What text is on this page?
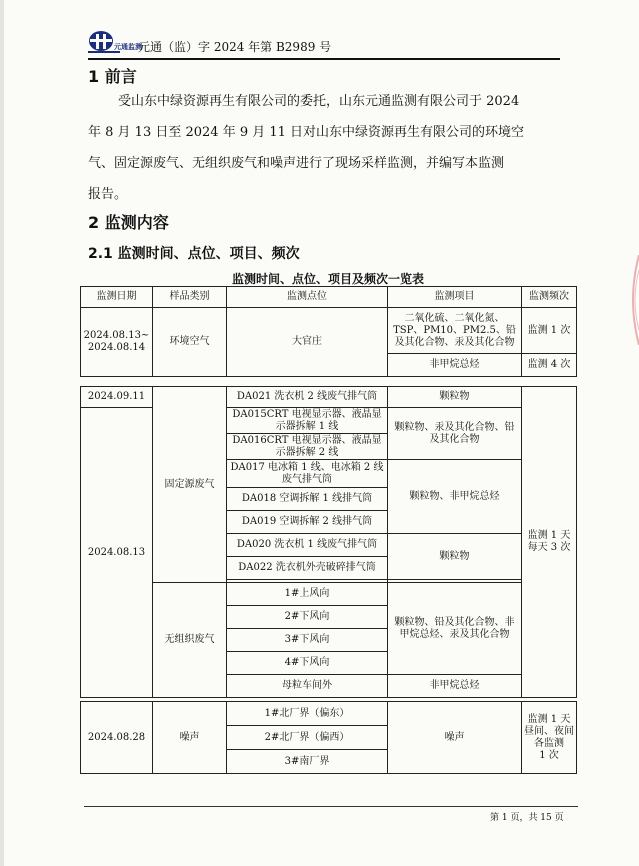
元通监测
元通（监）字 2024 年第 B2989 号
1 前言
受山东中绿资源再生有限公司的委托，山东元通监测有限公司于 2024
年 8 月 13 日至 2024 年 9 月 11 日对山东中绿资源再生有限公司的环境空
气、固定源废气、无组织废气和噪声进行了现场采样监测，并编写本监测
报告。
2 监测内容
2.1 监测时间、点位、项目、频次
监测时间、点位、项目及频次一览表
监测日期	样品类别	监测点位	监测项目	监测频次
2024.08.13~
2024.08.14	环境空气	大官庄	二氧化硫、二氧化氮、TSP、PM10、PM2.5、铅及其化合物、汞及其化合物	监测 1 次
			非甲烷总烃	监测 4 次

2024.09.11	固定源废气	DA021 洗衣机 2 线废气排气筒	颗粒物	监测 1 天
每天 3 次
2024.08.13		DA015CRT 电视显示器、液晶显示器拆解 1 线	颗粒物、汞及其化合物、铅及其化合物	
		DA016CRT 电视显示器、液晶显示器拆解 2 线		
		DA017 电冰箱 1 线、电冰箱 2 线废气排气筒	颗粒物、非甲烷总烃	
		DA018 空调拆解 1 线排气筒		
		DA019 空调拆解 2 线排气筒		
		DA020 洗衣机 1 线废气排气筒	颗粒物	
		DA022 洗衣机外壳破碎排气筒		

	无组织废气	1#上风向	颗粒物、铅及其化合物、非甲烷总烃、汞及其化合物	
		2#下风向		
		3#下风向		
		4#下风向		
		母粒车间外	非甲烷总烃	

2024.08.28	噪声	1#北厂界（偏东）	噪声	监测 1 天
昼间、夜间各监测
1 次
		2#北厂界（偏西）		
		3#南厂界		
第 1 页，共 15 页
